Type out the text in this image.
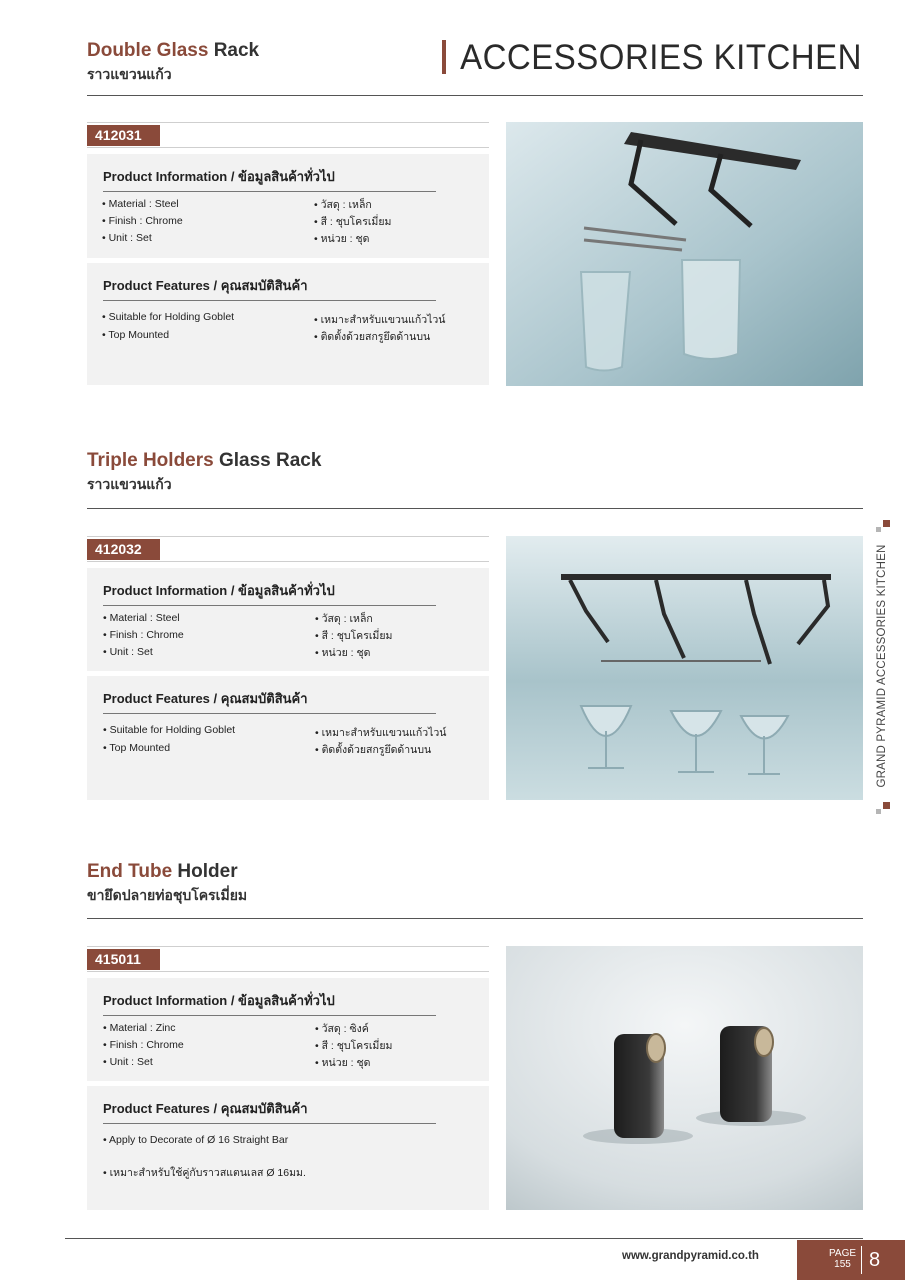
Double Glass Rack
ราวแขวนแก้ว	ACCESSORIES KITCHEN
412031
Product Information / ข้อมูลสินค้าทั่วไป
• Material : Steel
• Finish : Chrome
• Unit : Set
• วัสดุ : เหล็ก
• สี : ชุบโครเมี่ยม
• หน่วย : ชุด
Product Features / คุณสมบัติสินค้า
• Suitable for Holding Goblet
• Top Mounted
• เหมาะสำหรับแขวนแก้วไวน์
• ติดตั้งด้วยสกรูยึดด้านบน
Triple Holders Glass Rack
ราวแขวนแก้ว
412032
Product Information / ข้อมูลสินค้าทั่วไป
• Material : Steel
• Finish : Chrome
• Unit : Set
• วัสดุ : เหล็ก
• สี : ชุบโครเมี่ยม
• หน่วย : ชุด
Product Features / คุณสมบัติสินค้า
• Suitable for Holding Goblet
• Top Mounted
• เหมาะสำหรับแขวนแก้วไวน์
• ติดตั้งด้วยสกรูยึดด้านบน
End Tube Holder
ขายึดปลายท่อชุบโครเมี่ยม
415011
Product Information / ข้อมูลสินค้าทั่วไป
• Material : Zinc
• Finish : Chrome
• Unit : Set
• วัสดุ : ซิงค์
• สี : ชุบโครเมี่ยม
• หน่วย : ชุด
Product Features / คุณสมบัติสินค้า
• Apply to Decorate of Ø 16 Straight Bar
• เหมาะสำหรับใช้คู่กับราวสแตนเลส Ø 16มม.
GRAND PYRAMID ACCESSORIES KITCHEN
www.grandpyramid.co.th	PAGE
155 8
